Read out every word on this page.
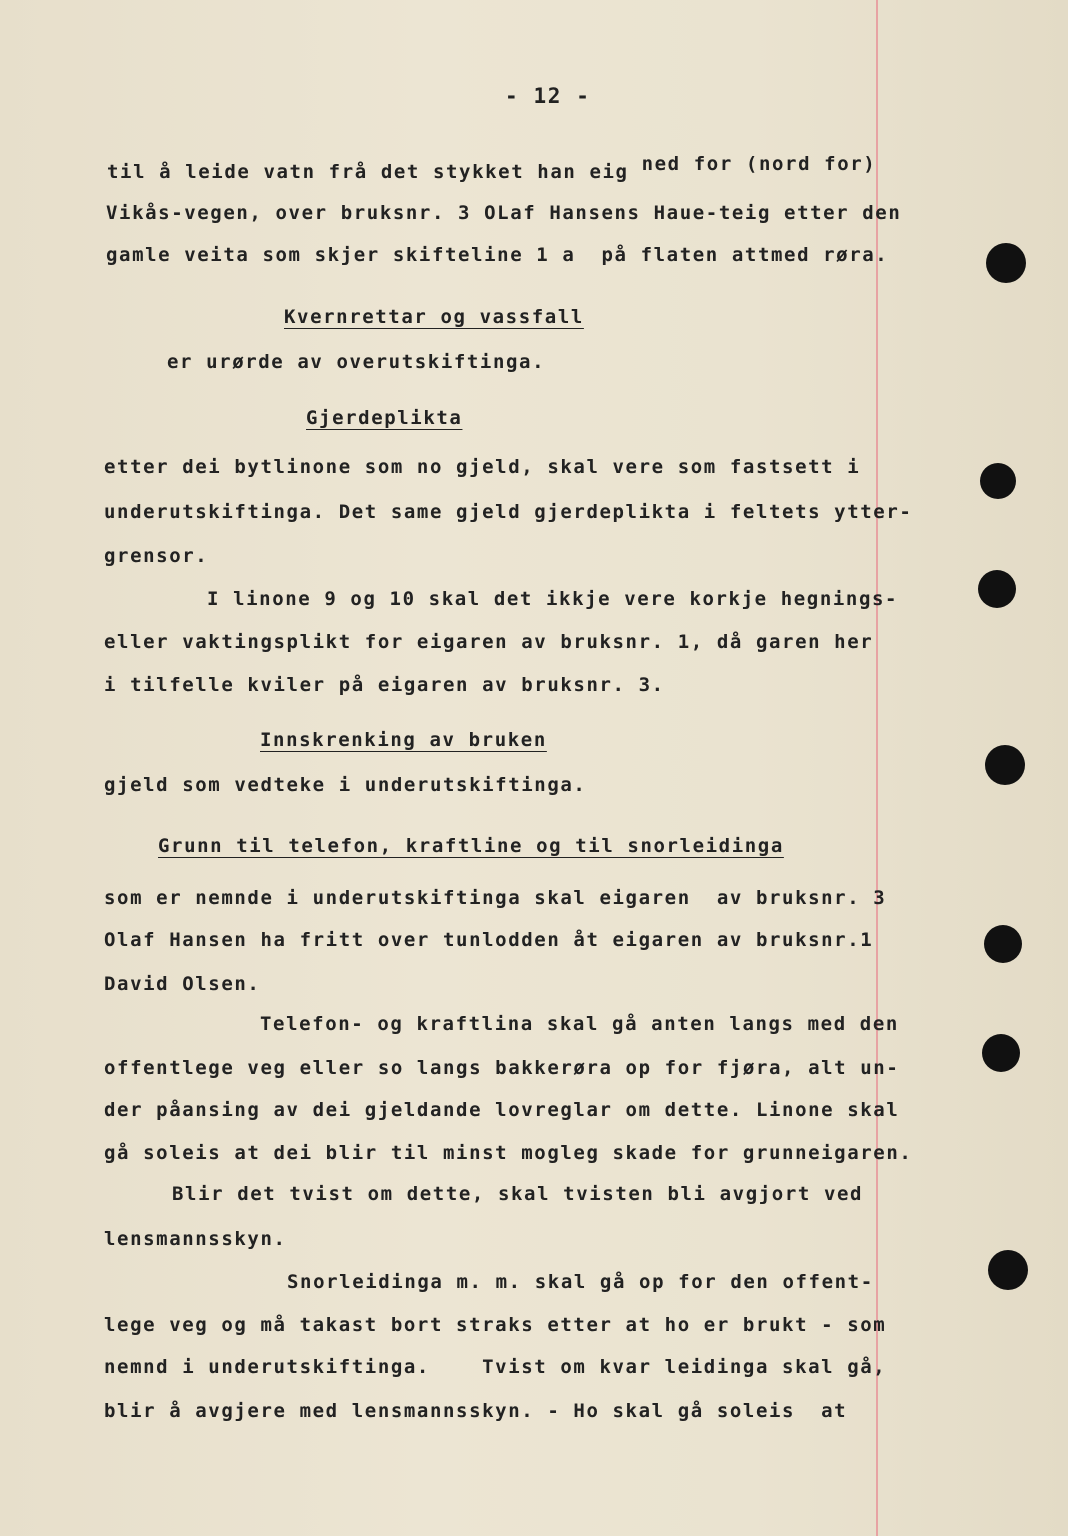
- 12 -
til å leide vatn frå det stykket han eig ned for (nord for)
Vikås-vegen, over bruksnr. 3 OLaf Hansens Haue-teig etter den
gamle veita som skjer skifteline 1 a  på flaten attmed røra.
Kvernrettar og vassfall
er urørde av overutskiftinga.
Gjerdeplikta
etter dei bytlinone som no gjeld, skal vere som fastsett i
underutskiftinga. Det same gjeld gjerdeplikta i feltets ytter-
grensor.
I linone 9 og 10 skal det ikkje vere korkje hegnings-
eller vaktingsplikt for eigaren av bruksnr. 1, då garen her
i tilfelle kviler på eigaren av bruksnr. 3.
Innskrenking av bruken
gjeld som vedteke i underutskiftinga.
Grunn til telefon, kraftline og til snorleidinga
som er nemnde i underutskiftinga skal eigaren  av bruksnr. 3
Olaf Hansen ha fritt over tunlodden åt eigaren av bruksnr.1
David Olsen.
Telefon- og kraftlina skal gå anten langs med den
offentlege veg eller so langs bakkerøra op for fjøra, alt un-
der påansing av dei gjeldande lovreglar om dette. Linone skal
gå soleis at dei blir til minst mogleg skade for grunneigaren.
Blir det tvist om dette, skal tvisten bli avgjort ved
lensmannsskyn.
Snorleidinga m. m. skal gå op for den offent-
lege veg og må takast bort straks etter at ho er brukt - som
nemnd i underutskiftinga.    Tvist om kvar leidinga skal gå,
blir å avgjere med lensmannsskyn. - Ho skal gå soleis  at
